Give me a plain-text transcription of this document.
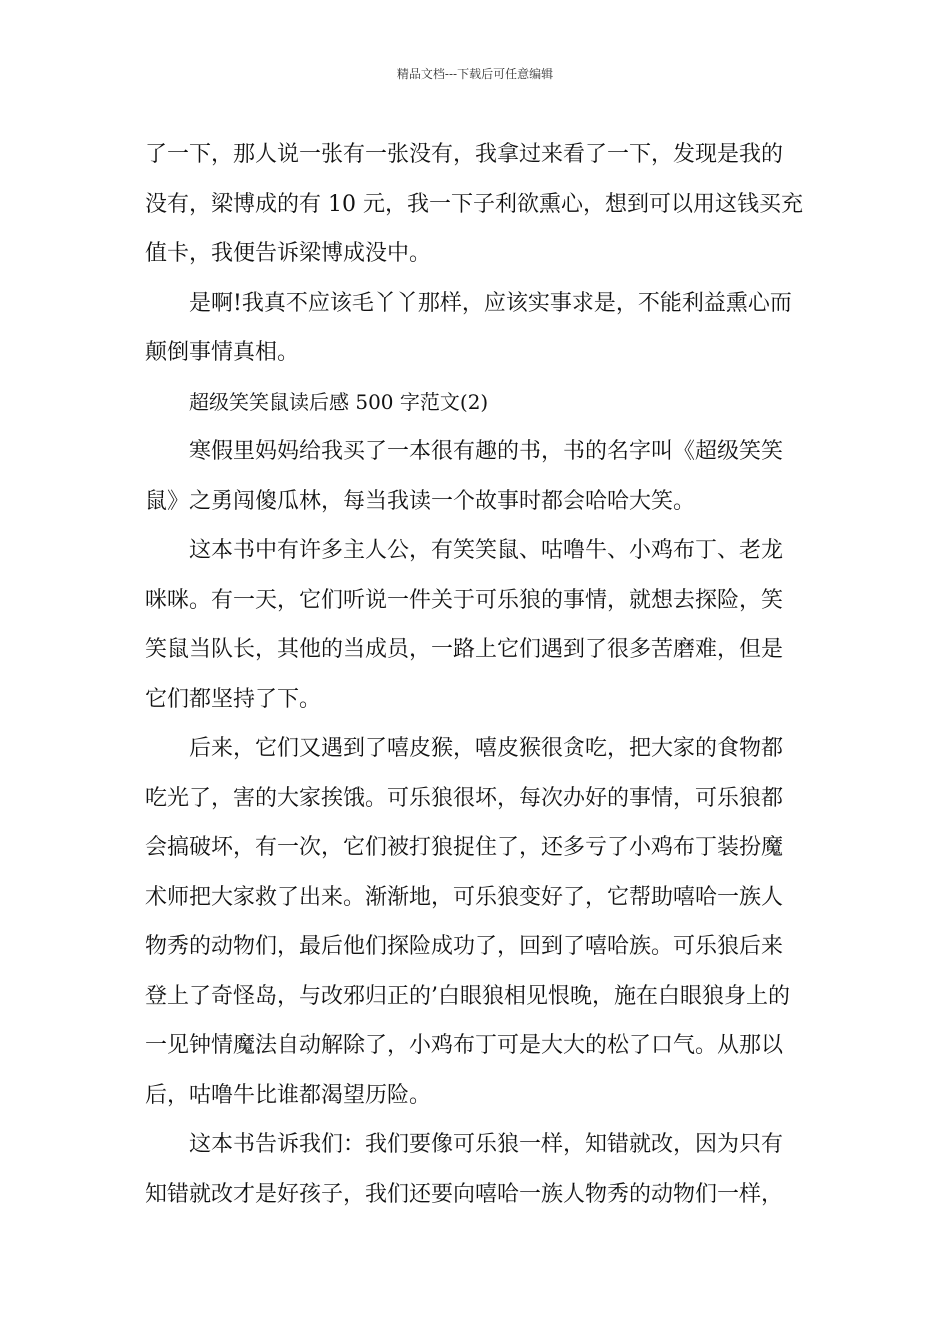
精品文档---下载后可任意编辑
了一下，那人说一张有一张没有，我拿过来看了一下，发现是我的
没有，梁博成的有 10 元，我一下子利欲熏心，想到可以用这钱买充
值卡，我便告诉梁博成没中。
是啊!我真不应该毛丫丫那样，应该实事求是，不能利益熏心而
颠倒事情真相。
超级笑笑鼠读后感 500 字范文(2)
寒假里妈妈给我买了一本很有趣的书，书的名字叫《超级笑笑
鼠》之勇闯傻瓜林，每当我读一个故事时都会哈哈大笑。
这本书中有许多主人公，有笑笑鼠、咕噜牛、小鸡布丁、老龙
咪咪。有一天，它们听说一件关于可乐狼的事情，就想去探险，笑
笑鼠当队长，其他的当成员，一路上它们遇到了很多苦磨难，但是
它们都坚持了下。
后来，它们又遇到了嘻皮猴，嘻皮猴很贪吃，把大家的食物都
吃光了，害的大家挨饿。可乐狼很坏，每次办好的事情，可乐狼都
会搞破坏，有一次，它们被打狼捉住了，还多亏了小鸡布丁装扮魔
术师把大家救了出来。渐渐地，可乐狼变好了，它帮助嘻哈一族人
物秀的动物们，最后他们探险成功了，回到了嘻哈族。可乐狼后来
登上了奇怪岛，与改邪归正的’白眼狼相见恨晚，施在白眼狼身上的
一见钟情魔法自动解除了，小鸡布丁可是大大的松了口气。从那以
后，咕噜牛比谁都渴望历险。
这本书告诉我们：我们要像可乐狼一样，知错就改，因为只有
知错就改才是好孩子，我们还要向嘻哈一族人物秀的动物们一样，
